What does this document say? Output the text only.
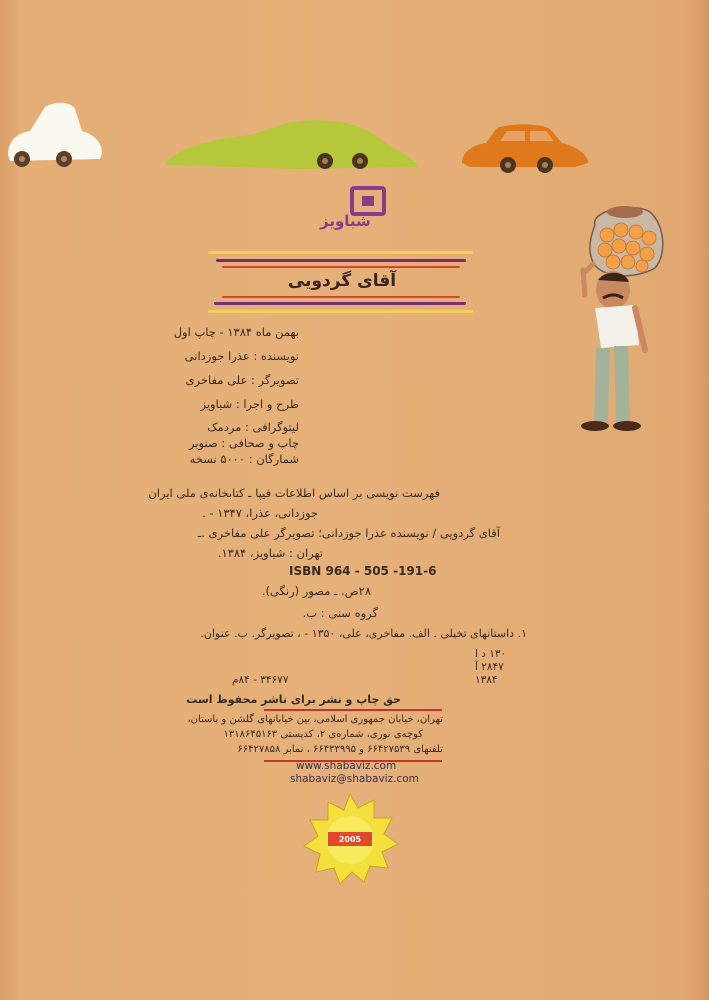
شباویز
آقای گردویی
بهمن ماه ۱۳۸۴ - چاپ اول
نویسنده : عذرا جوزدانی
تصویرگر : علی مفاخری
طرح و اجرا : شباویز
لیتوگرافی : مردمک
چاپ و صحافی : صنوبر
شمارگان : ۵۰۰۰ نسخه
فهرست نویسی بر اساس اطلاعات فیپا ـ کتابخانه‌ی ملی ایران
جوزدانی، عذرا، ۱۳۴۷ - .
آقای گردویی / نویسنده عذرا جوزدانی؛ تصویرگر علی مفاخری .ـ
تهران : شباویز، ۱۳۸۴.
ISBN 964 - 505 -191-6
۲۸ص. ـ مصور (رنگی).
گروه سنی : ب.
۱. داستانهای تخیلی . الف. مفاخری، علی، ۱۳۵۰ - ، تصویرگر. ب. عنوان.
۱۳۰ د ا
۲۸۴۷ آ
۱۳۸۴
۳۴۶۷۷ - ۸۴م
حق چاپ و نشر برای ناشر محفوظ است
تهران، خیابان جمهوری اسلامی، بین خیابانهای گلشن و باستان،
کوچه‌ی نوری، شماره‌ی ۲، کدپستی ۱۳۱۸۶۴۵۱۶۳
تلفنهای ۶۶۴۲۷۵۳۹ و ۶۶۴۳۳۹۹۵ ، نمابر ۶۶۴۲۷۸۵۸
www.shabaviz.com
shabaviz@shabaviz.com
2005
